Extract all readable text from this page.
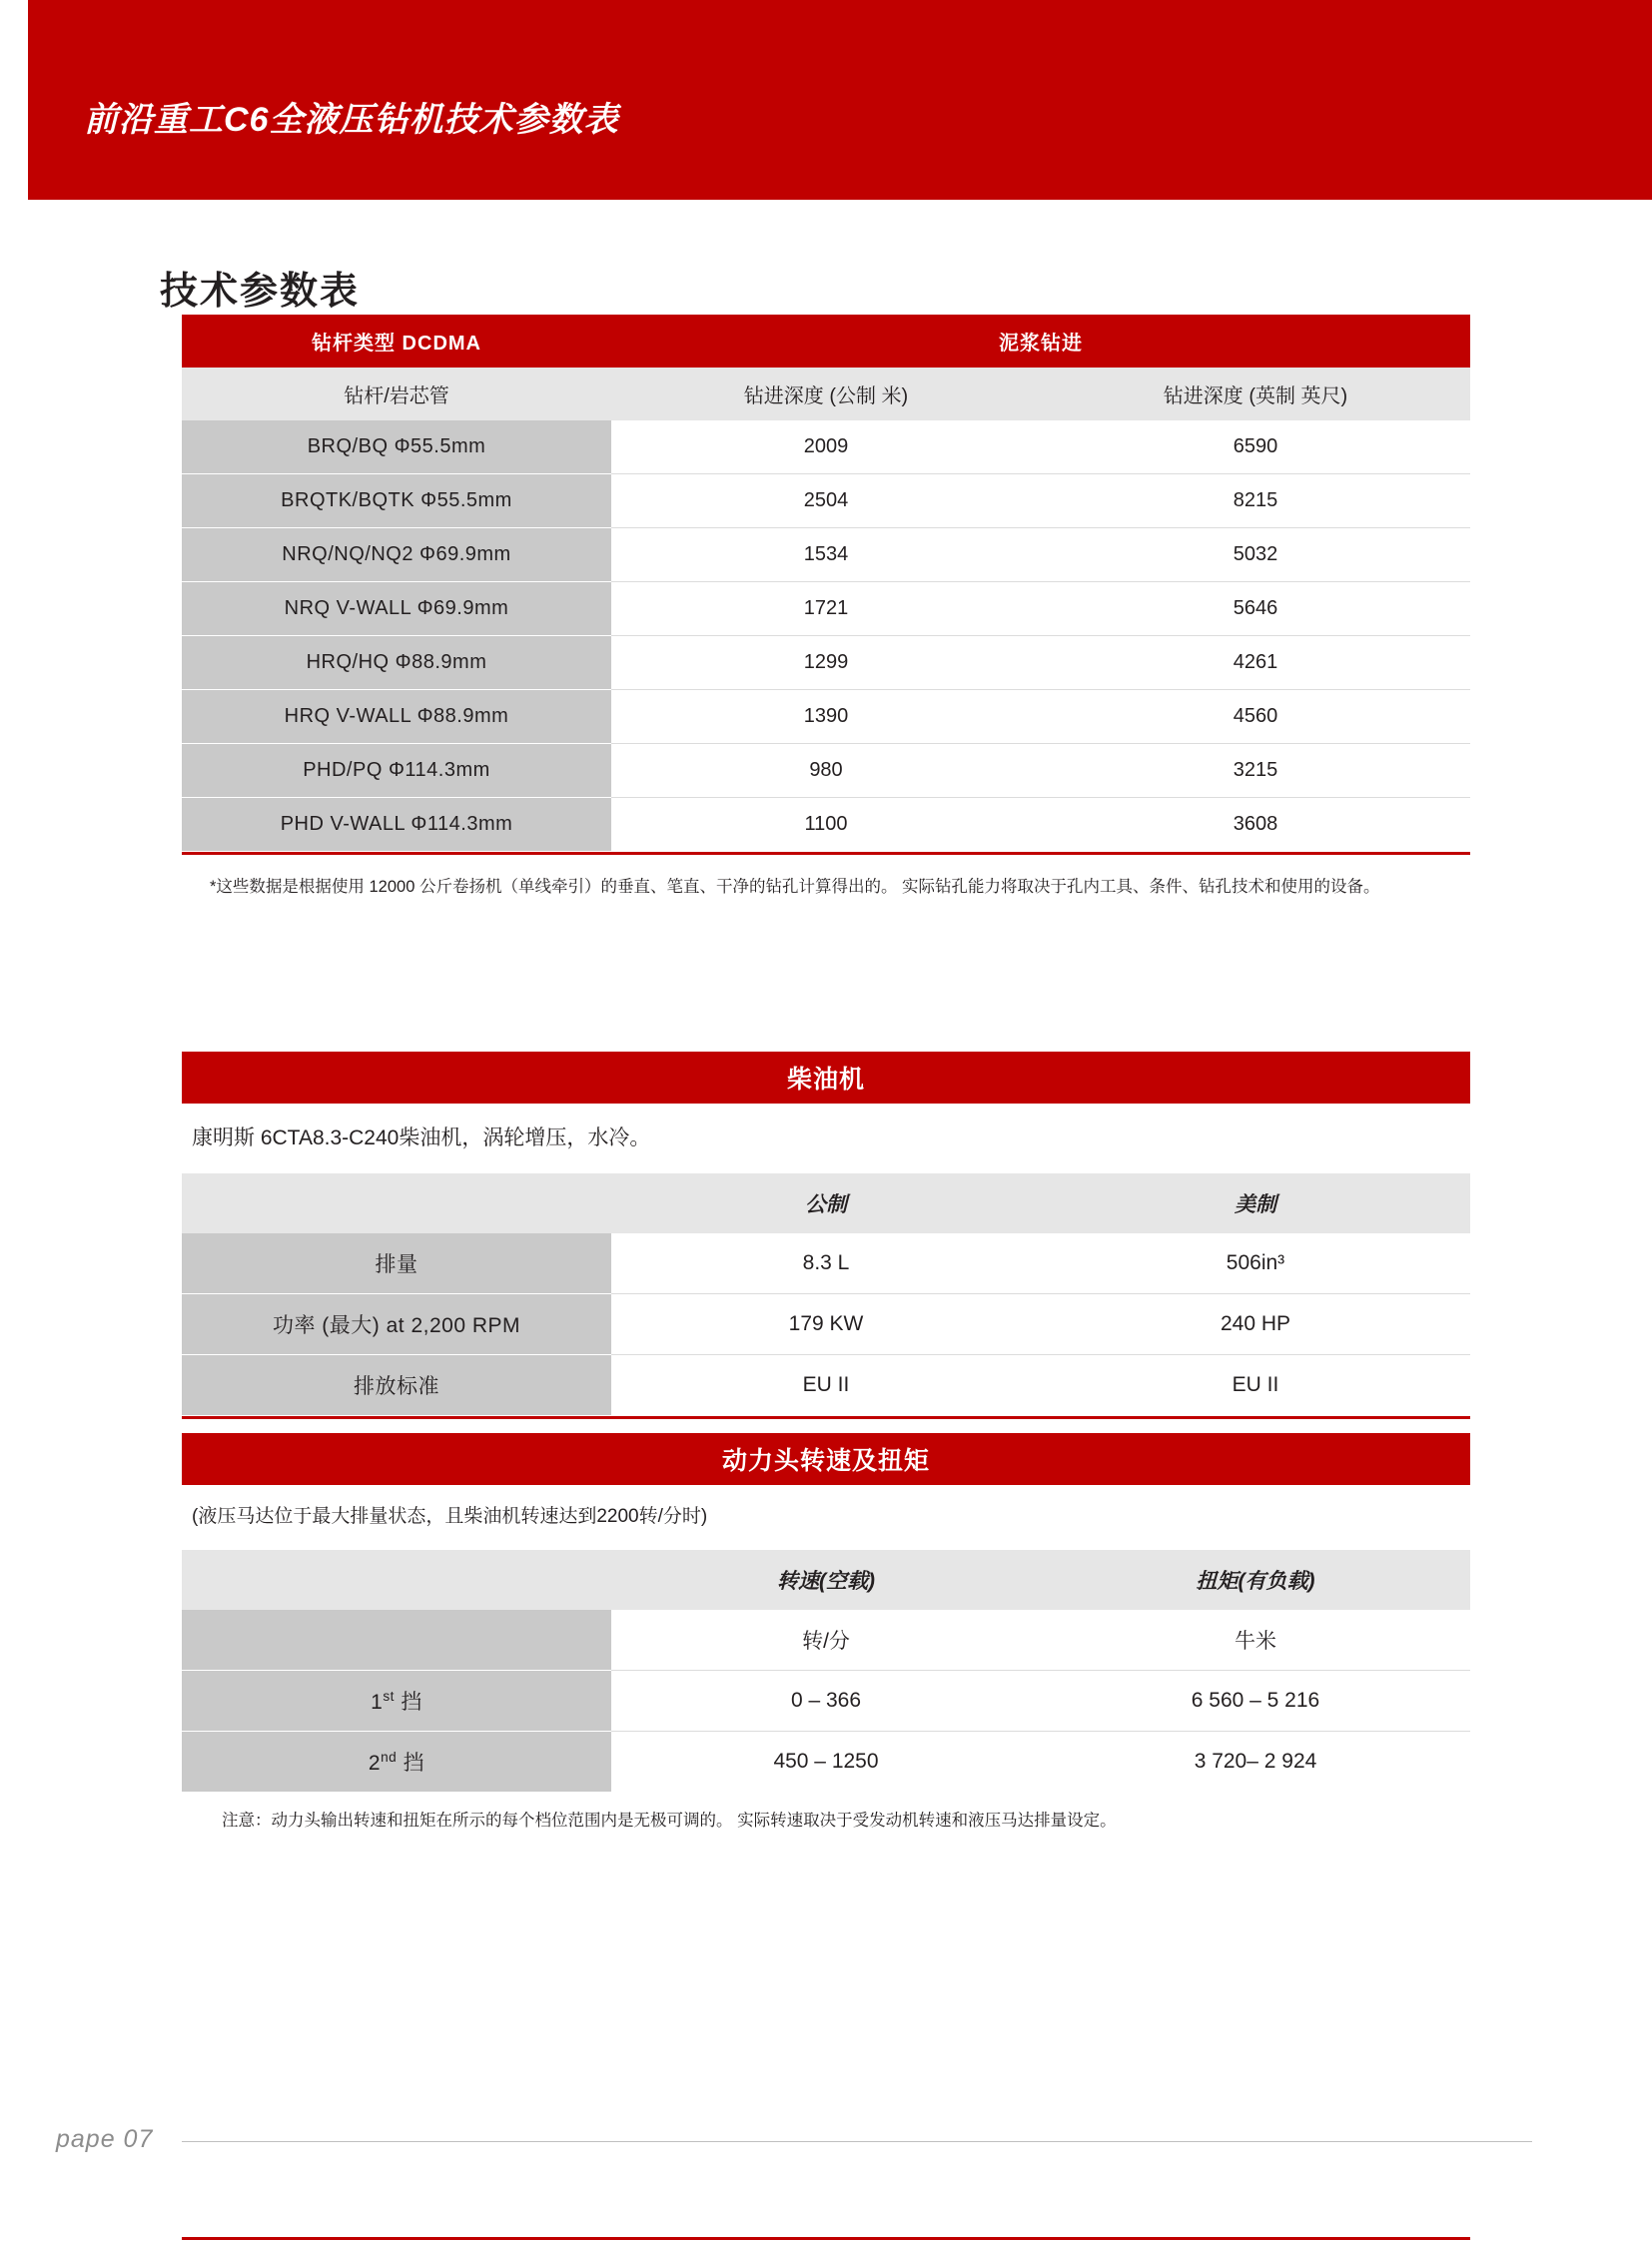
前沿重工C6全液压钻机技术参数表
技术参数表
钻杆类型 DCDMA	泥浆钻进	
钻杆/岩芯管	钻进深度 (公制 米)	钻进深度 (英制 英尺)
BRQ/BQ Φ55.5mm	2009	6590
BRQTK/BQTK Φ55.5mm	2504	8215
NRQ/NQ/NQ2 Φ69.9mm	1534	5032
NRQ V-WALL Φ69.9mm	1721	5646
HRQ/HQ Φ88.9mm	1299	4261
HRQ V-WALL Φ88.9mm	1390	4560
PHD/PQ Φ114.3mm	980	3215
PHD V-WALL Φ114.3mm	1100	3608
*这些数据是根据使用 12000 公斤卷扬机（单线牵引）的垂直、笔直、干净的钻孔计算得出的。 实际钻孔能力将取决于孔内工具、条件、钻孔技术和使用的设备。
柴油机
康明斯 6CTA8.3-C240柴油机，涡轮增压，水冷。
	公制	美制
排量	8.3 L	506in³
功率 (最大) at 2,200 RPM	179 KW	240 HP
排放标准	EU II	EU II
动力头转速及扭矩
(液压马达位于最大排量状态，且柴油机转速达到2200转/分时)
	转速(空载)	扭矩(有负载)
	转/分	牛米
1st 挡	0 – 366	6 560 – 5 216
2nd 挡	450 – 1250	3 720– 2 924
注意：动力头输出转速和扭矩在所示的每个档位范围内是无极可调的。 实际转速取决于受发动机转速和液压马达排量设定。
pape 07
